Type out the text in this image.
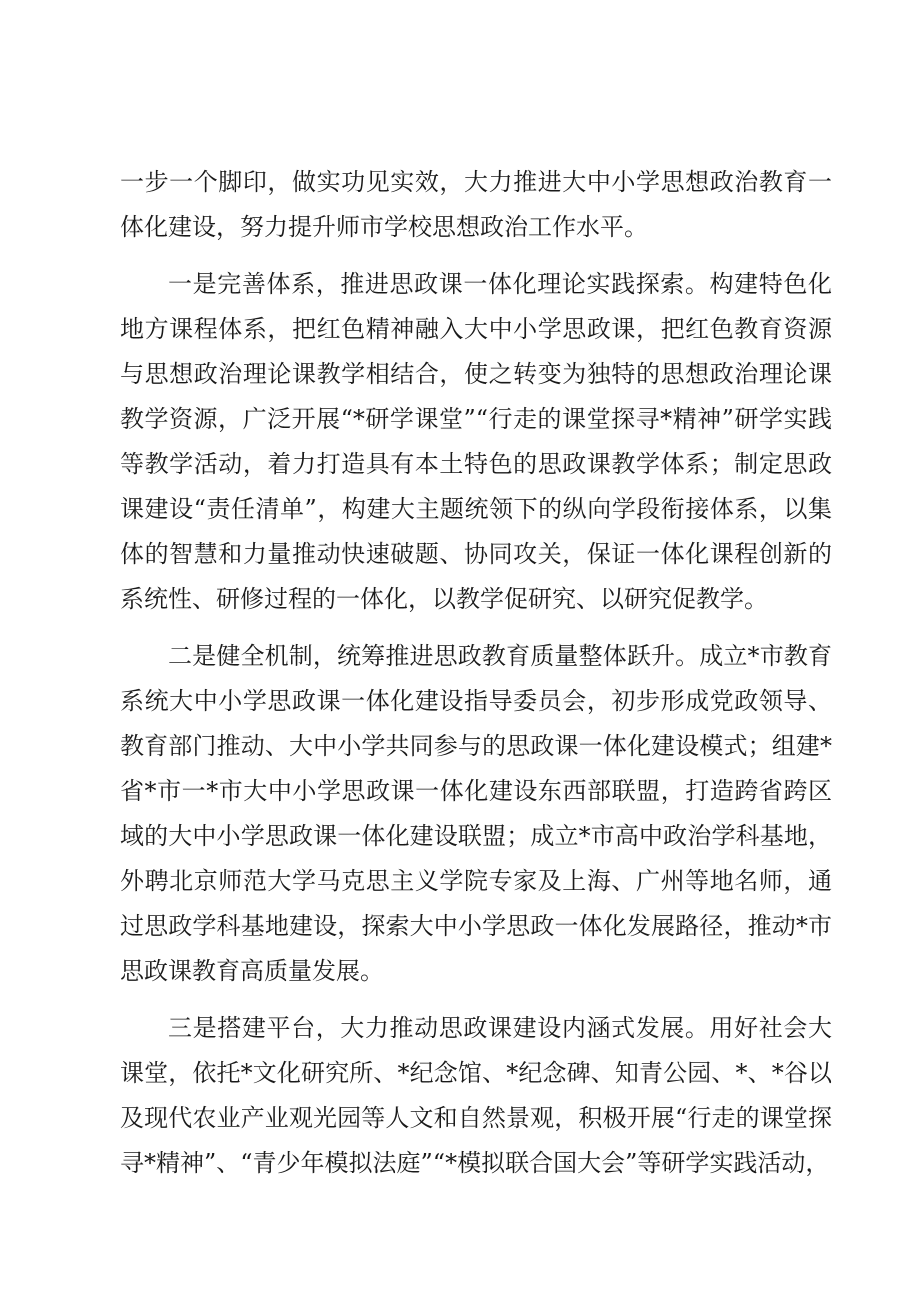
一步一个脚印，做实功见实效，大力推进大中小学思想政治教育一体化建设，努力提升师市学校思想政治工作水平。

一是完善体系，推进思政课一体化理论实践探索。构建特色化地方课程体系，把红色精神融入大中小学思政课，把红色教育资源与思想政治理论课教学相结合，使之转变为独特的思想政治理论课教学资源，广泛开展“*研学课堂”“行走的课堂探寻*精神”研学实践等教学活动，着力打造具有本土特色的思政课教学体系；制定思政课建设“责任清单”，构建大主题统领下的纵向学段衔接体系，以集体的智慧和力量推动快速破题、协同攻关，保证一体化课程创新的系统性、研修过程的一体化，以教学促研究、以研究促教学。

二是健全机制，统筹推进思政教育质量整体跃升。成立*市教育系统大中小学思政课一体化建设指导委员会，初步形成党政领导、教育部门推动、大中小学共同参与的思政课一体化建设模式；组建*省*市一*市大中小学思政课一体化建设东西部联盟，打造跨省跨区域的大中小学思政课一体化建设联盟；成立*市高中政治学科基地，外聘北京师范大学马克思主义学院专家及上海、广州等地名师，通过思政学科基地建设，探索大中小学思政一体化发展路径，推动*市思政课教育高质量发展。

三是搭建平台，大力推动思政课建设内涵式发展。用好社会大课堂，依托*文化研究所、*纪念馆、*纪念碑、知青公园、*、*谷以及现代农业产业观光园等人文和自然景观，积极开展“行走的课堂探寻*精神”、“青少年模拟法庭”“*模拟联合国大会”等研学实践活动，
